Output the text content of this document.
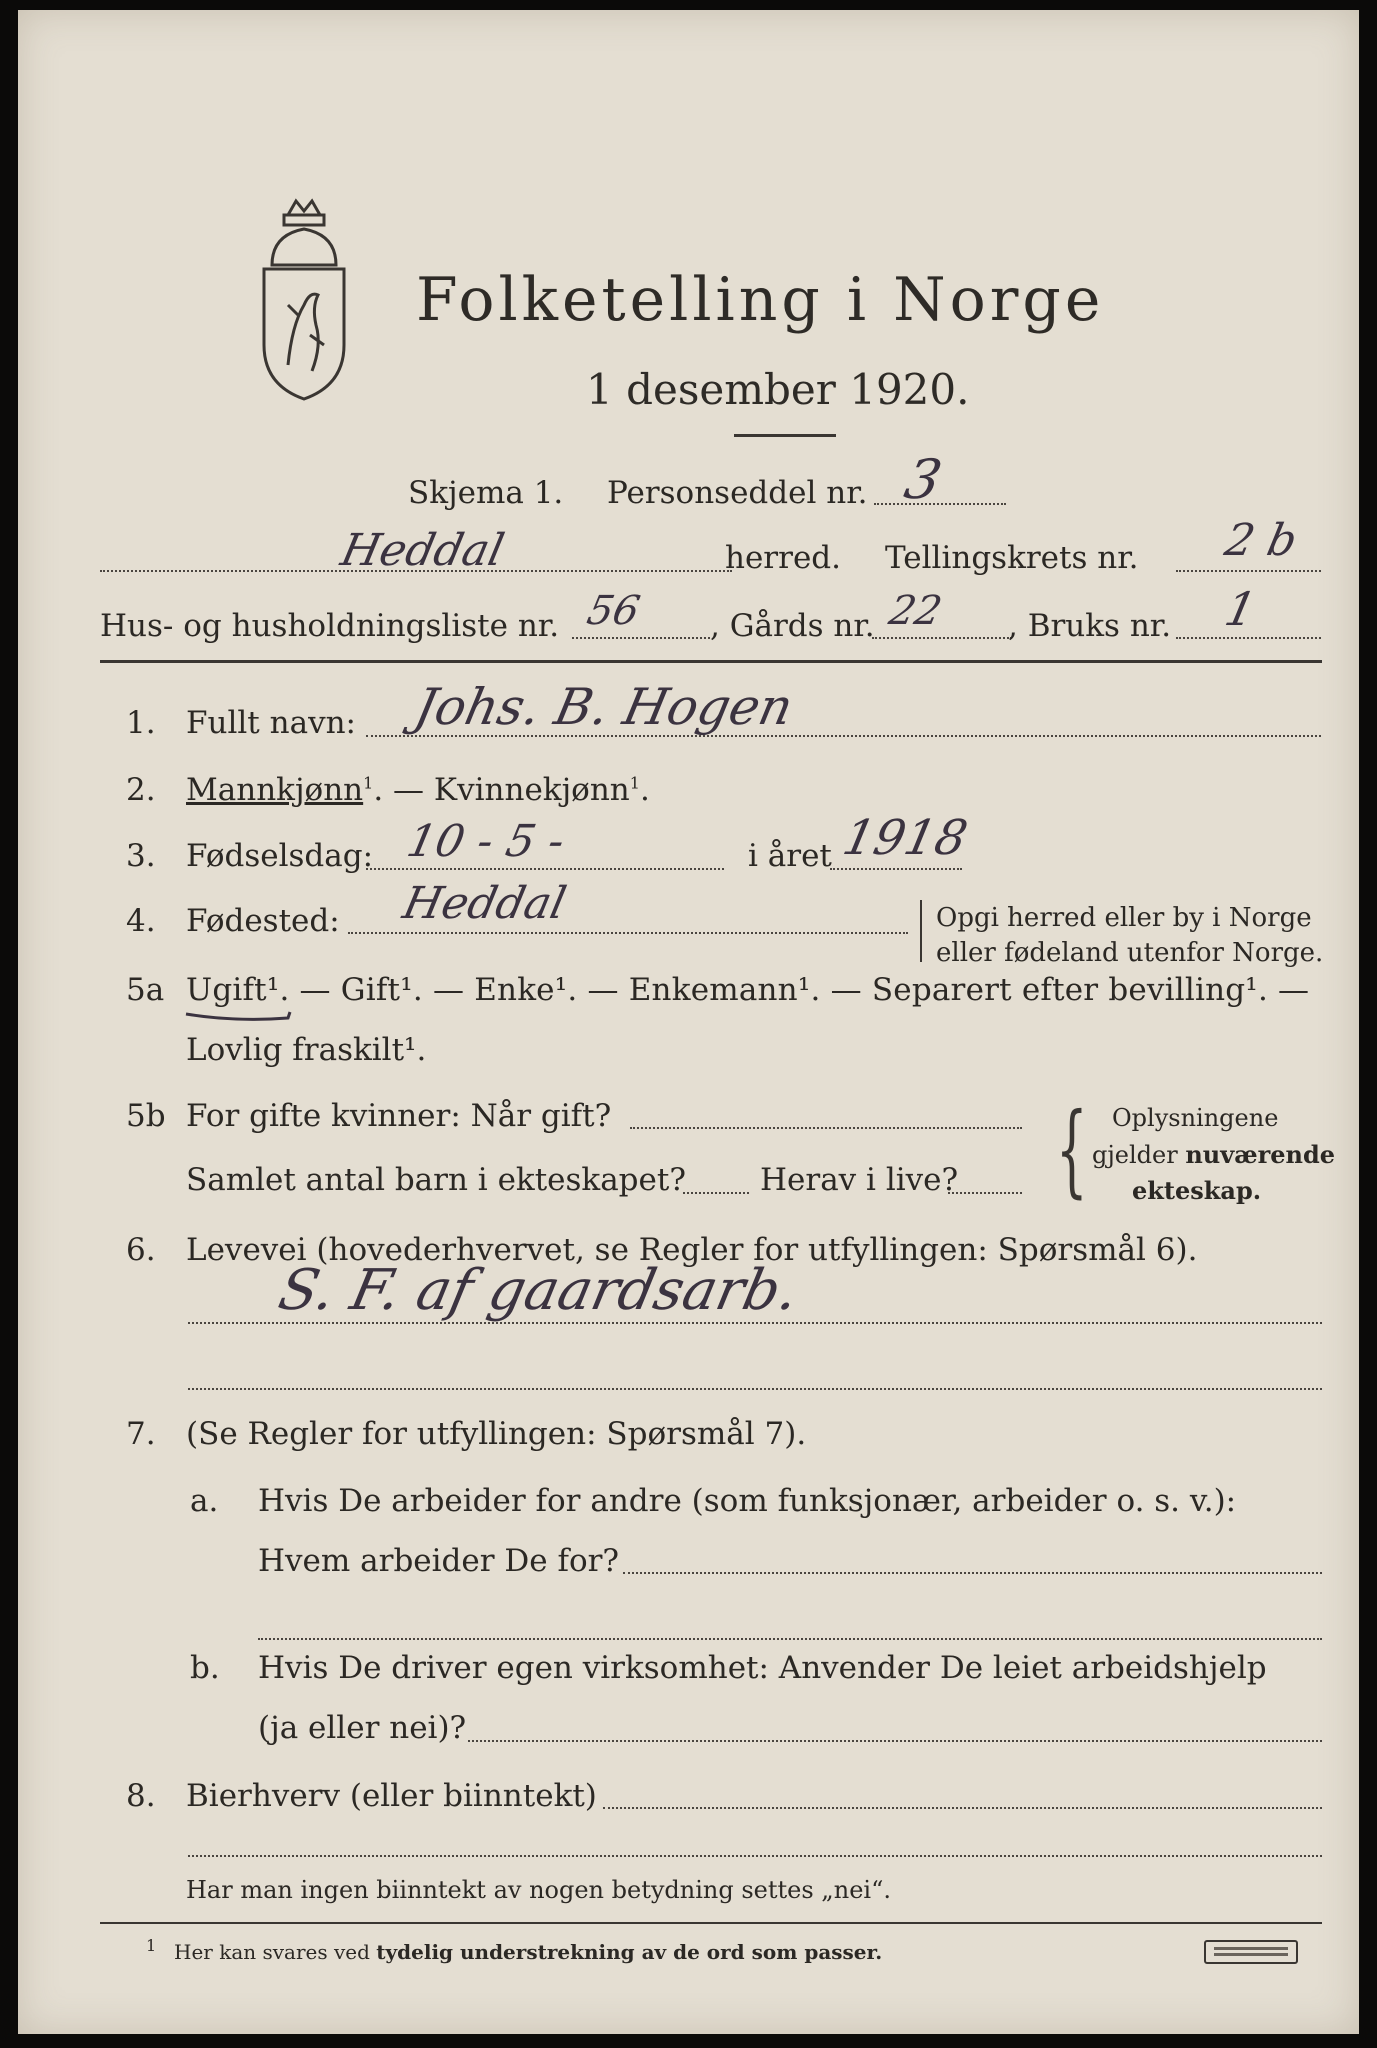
Folketelling i Norge
1 desember 1920.
Skjema 1. Personseddel nr. 3
Heddal	herred. Tellingskrets nr. 2 b
Hus- og husholdningsliste nr. 56 , Gårds nr. 22 , Bruks nr. 1
1. Fullt navn: Johs. B. Hogen
2. Mannkjønn$^1$. — Kvinnekjønn$^1$.
3. Fødselsdag: 10 - 5 -	i året 1918
4. Fødested: Heddal	Opgi herred eller by i Norge
eller fødeland utenfor Norge.
5a Ugift¹. — Gift¹. — Enke¹. — Enkemann¹. — Separert efter bevilling¹. —
Lovlig fraskilt¹.
5b For gifte kvinner: Når gift?
Samlet antal barn i ekteskapet? Herav i live? { Oplysningene
gjelder nuværende
ekteskap.
6. Levevei (hovederhvervet, se Regler for utfyllingen: Spørsmål 6).
S. F. af gaardsarb.
7. (Se Regler for utfyllingen: Spørsmål 7).
a. Hvis De arbeider for andre (som funksjonær, arbeider o. s. v.):
Hvem arbeider De for?
b. Hvis De driver egen virksomhet: Anvender De leiet arbeidshjelp
(ja eller nei)?
8. Bierhverv (eller biinntekt)
Har man ingen biinntekt av nogen betydning settes „nei“.
1 Her kan svares ved tydelig understrekning av de ord som passer.
